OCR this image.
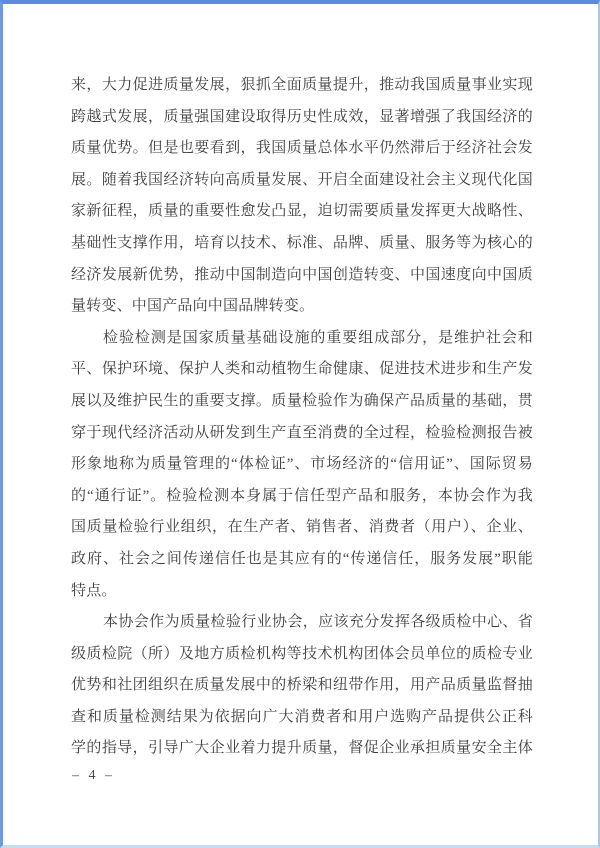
来，大力促进质量发展，狠抓全面质量提升，推动我国质量事业实现
跨越式发展，质量强国建设取得历史性成效，显著增强了我国经济的
质量优势。但是也要看到，我国质量总体水平仍然滞后于经济社会发
展。随着我国经济转向高质量发展、开启全面建设社会主义现代化国
家新征程，质量的重要性愈发凸显，迫切需要质量发挥更大战略性、
基础性支撑作用，培育以技术、标准、品牌、质量、服务等为核心的
经济发展新优势，推动中国制造向中国创造转变、中国速度向中国质
量转变、中国产品向中国品牌转变。
检验检测是国家质量基础设施的重要组成部分，是维护社会和
平、保护环境、保护人类和动植物生命健康、促进技术进步和生产发
展以及维护民生的重要支撑。质量检验作为确保产品质量的基础，贯
穿于现代经济活动从研发到生产直至消费的全过程，检验检测报告被
形象地称为质量管理的“体检证”、市场经济的“信用证”、国际贸易
的“通行证”。检验检测本身属于信任型产品和服务，本协会作为我
国质量检验行业组织，在生产者、销售者、消费者（用户）、企业、
政府、社会之间传递信任也是其应有的“传递信任，服务发展”职能
特点。
本协会作为质量检验行业协会，应该充分发挥各级质检中心、省
级质检院（所）及地方质检机构等技术机构团体会员单位的质检专业
优势和社团组织在质量发展中的桥梁和纽带作用，用产品质量监督抽
查和质量检测结果为依据向广大消费者和用户选购产品提供公正科
学的指导，引导广大企业着力提升质量，督促企业承担质量安全主体
– 4 –
